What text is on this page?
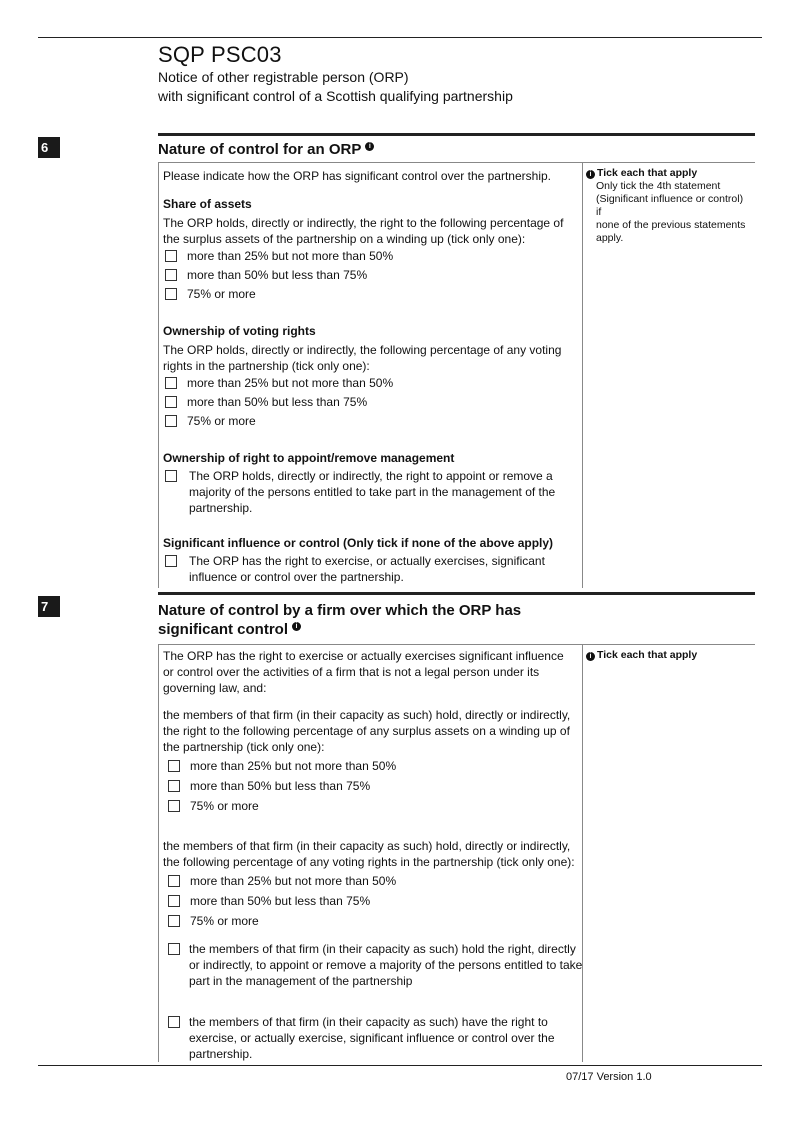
SQP PSC03
Notice of other registrable person (ORP)
with significant control of a Scottish qualifying partnership
6	Nature of control for an ORP i
Please indicate how the ORP has significant control over the partnership.
Share of assets
The ORP holds, directly or indirectly, the right to the following percentage of
the surplus assets of the partnership on a winding up (tick only one):
more than 25% but not more than 50%
more than 50% but less than 75%
75% or more
Ownership of voting rights
The ORP holds, directly or indirectly, the following percentage of any voting
rights in the partnership (tick only one):
more than 25% but not more than 50%
more than 50% but less than 75%
75% or more
Ownership of right to appoint/remove management
The ORP holds, directly or indirectly, the right to appoint or remove a
majority of the persons entitled to take part in the management of the
partnership.
Significant influence or control (Only tick if none of the above apply)
The ORP has the right to exercise, or actually exercises, significant
influence or control over the partnership.
i Tick each that apply
Only tick the 4th statement
(Significant influence or control) if
none of the previous statements
apply.
7	Nature of control by a firm over which the ORP has
significant control i
The ORP has the right to exercise or actually exercises significant influence
or control over the activities of a firm that is not a legal person under its
governing law, and:
the members of that firm (in their capacity as such) hold, directly or indirectly,
the right to the following percentage of any surplus assets on a winding up of
the partnership (tick only one):
more than 25% but not more than 50%
more than 50% but less than 75%
75% or more
the members of that firm (in their capacity as such) hold, directly or indirectly,
the following percentage of any voting rights in the partnership (tick only one):
more than 25% but not more than 50%
more than 50% but less than 75%
75% or more
the members of that firm (in their capacity as such) hold the right, directly
or indirectly, to appoint or remove a majority of the persons entitled to take
part in the management of the partnership
the members of that firm (in their capacity as such) have the right to
exercise, or actually exercise, significant influence or control over the
partnership.
i Tick each that apply
07/17 Version 1.0
